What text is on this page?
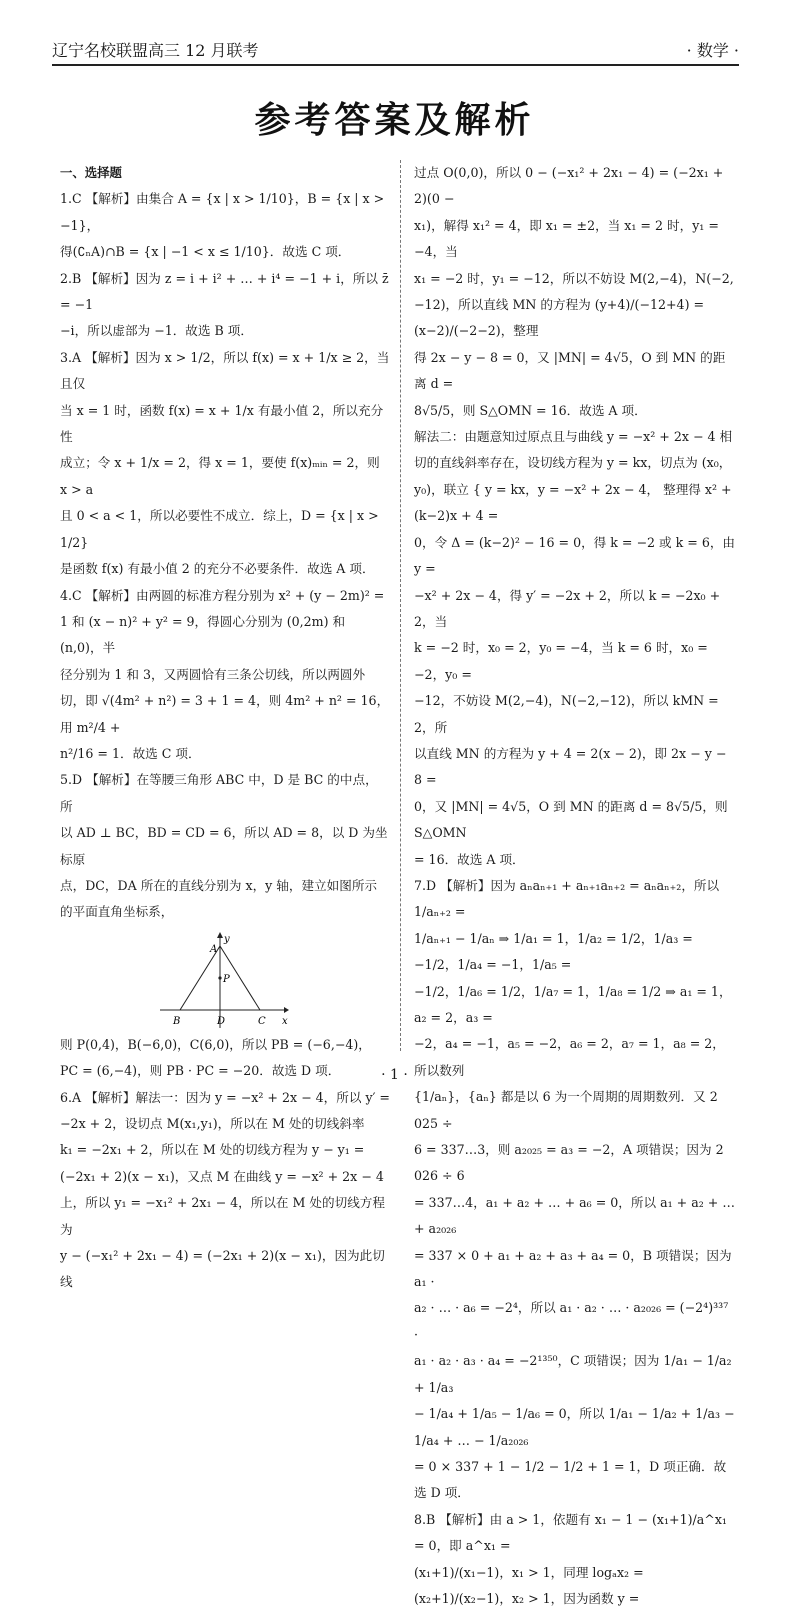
辽宁名校联盟高三 12 月联考	· 数学 ·
参考答案及解析

一、选择题

1.C 【解析】由集合 A = {x | x > 1/10}，B = {x | x > −1}，

得(∁ₙA)∩B = {x | −1 < x ≤ 1/10}．故选 C 项．

2.B 【解析】因为 z = i + i² + … + i⁴ = −1 + i，所以 z̄ = −1

−i，所以虚部为 −1．故选 B 项．

3.A 【解析】因为 x > 1/2，所以 f(x) = x + 1/x ≥ 2，当且仅

当 x = 1 时，函数 f(x) = x + 1/x 有最小值 2，所以充分性

成立；令 x + 1/x = 2，得 x = 1，要使 f(x)ₘᵢₙ = 2，则 x > a

且 0 < a < 1，所以必要性不成立．综上，D = {x | x > 1/2}

是函数 f(x) 有最小值 2 的充分不必要条件．故选 A 项．

4.C 【解析】由两圆的标准方程分别为 x² + (y − 2m)² =

1 和 (x − n)² + y² = 9，得圆心分别为 (0,2m) 和 (n,0)，半

径分别为 1 和 3，又两圆恰有三条公切线，所以两圆外

切，即 √(4m² + n²) = 3 + 1 = 4，则 4m² + n² = 16，用 m²/4 +

n²/16 = 1．故选 C 项．

5.D 【解析】在等腰三角形 ABC 中，D 是 BC 的中点，所

以 AD ⊥ BC，BD = CD = 6，所以 AD = 8，以 D 为坐标原

点，DC，DA 所在的直线分别为 x，y 轴，建立如图所示

的平面直角坐标系，

y
x
A
P
B	D	C

则 P(0,4)，B(−6,0)，C(6,0)，所以 PB = (−6,−4)，

PC = (6,−4)，则 PB · PC = −20．故选 D 项．

6.A 【解析】解法一：因为 y = −x² + 2x − 4，所以 y′ =

−2x + 2，设切点 M(x₁,y₁)，所以在 M 处的切线斜率

k₁ = −2x₁ + 2，所以在 M 处的切线方程为 y − y₁ =

(−2x₁ + 2)(x − x₁)，又点 M 在曲线 y = −x² + 2x − 4

上，所以 y₁ = −x₁² + 2x₁ − 4，所以在 M 处的切线方程为

y − (−x₁² + 2x₁ − 4) = (−2x₁ + 2)(x − x₁)，因为此切线

过点 O(0,0)，所以 0 − (−x₁² + 2x₁ − 4) = (−2x₁ + 2)(0 −

x₁)，解得 x₁² = 4，即 x₁ = ±2，当 x₁ = 2 时，y₁ = −4，当

x₁ = −2 时，y₁ = −12，所以不妨设 M(2,−4)，N(−2,

−12)，所以直线 MN 的方程为 (y+4)/(−12+4) = (x−2)/(−2−2)，整理

得 2x − y − 8 = 0，又 |MN| = 4√5，O 到 MN 的距离 d =

8√5/5，则 S△OMN = 16．故选 A 项．

解法二：由题意知过原点且与曲线 y = −x² + 2x − 4 相

切的直线斜率存在，设切线方程为 y = kx，切点为 (x₀，

y₀)，联立 { y = kx，y = −x² + 2x − 4， 整理得 x² + (k−2)x + 4 =

0，令 Δ = (k−2)² − 16 = 0，得 k = −2 或 k = 6，由 y =

−x² + 2x − 4，得 y′ = −2x + 2，所以 k = −2x₀ + 2，当

k = −2 时，x₀ = 2，y₀ = −4，当 k = 6 时，x₀ = −2，y₀ =

−12，不妨设 M(2,−4)，N(−2,−12)，所以 kMN = 2，所

以直线 MN 的方程为 y + 4 = 2(x − 2)，即 2x − y − 8 =

0，又 |MN| = 4√5，O 到 MN 的距离 d = 8√5/5，则 S△OMN

= 16．故选 A 项．

7.D 【解析】因为 aₙaₙ₊₁ + aₙ₊₁aₙ₊₂ = aₙaₙ₊₂，所以 1/aₙ₊₂ =

1/aₙ₊₁ − 1/aₙ ⇒ 1/a₁ = 1，1/a₂ = 1/2，1/a₃ = −1/2，1/a₄ = −1，1/a₅ =

−1/2，1/a₆ = 1/2，1/a₇ = 1，1/a₈ = 1/2 ⇒ a₁ = 1，a₂ = 2，a₃ =

−2，a₄ = −1，a₅ = −2，a₆ = 2，a₇ = 1，a₈ = 2，所以数列

{1/aₙ}，{aₙ} 都是以 6 为一个周期的周期数列．又 2 025 ÷

6 = 337…3，则 a₂₀₂₅ = a₃ = −2，A 项错误；因为 2 026 ÷ 6

= 337…4，a₁ + a₂ + … + a₆ = 0，所以 a₁ + a₂ + … + a₂₀₂₆

= 337 × 0 + a₁ + a₂ + a₃ + a₄ = 0，B 项错误；因为 a₁ ·

a₂ · … · a₆ = −2⁴，所以 a₁ · a₂ · … · a₂₀₂₆ = (−2⁴)³³⁷ ·

a₁ · a₂ · a₃ · a₄ = −2¹³⁵⁰，C 项错误；因为 1/a₁ − 1/a₂ + 1/a₃

− 1/a₄ + 1/a₅ − 1/a₆ = 0，所以 1/a₁ − 1/a₂ + 1/a₃ − 1/a₄ + … − 1/a₂₀₂₆

= 0 × 337 + 1 − 1/2 − 1/2 + 1 = 1，D 项正确．故选 D 项．

8.B 【解析】由 a > 1，依题有 x₁ − 1 − (x₁+1)/a^x₁ = 0，即 a^x₁ =

(x₁+1)/(x₁−1)，x₁ > 1，同理 logₐx₂ = (x₂+1)/(x₂−1)，x₂ > 1，因为函数 y =

· 1 ·
